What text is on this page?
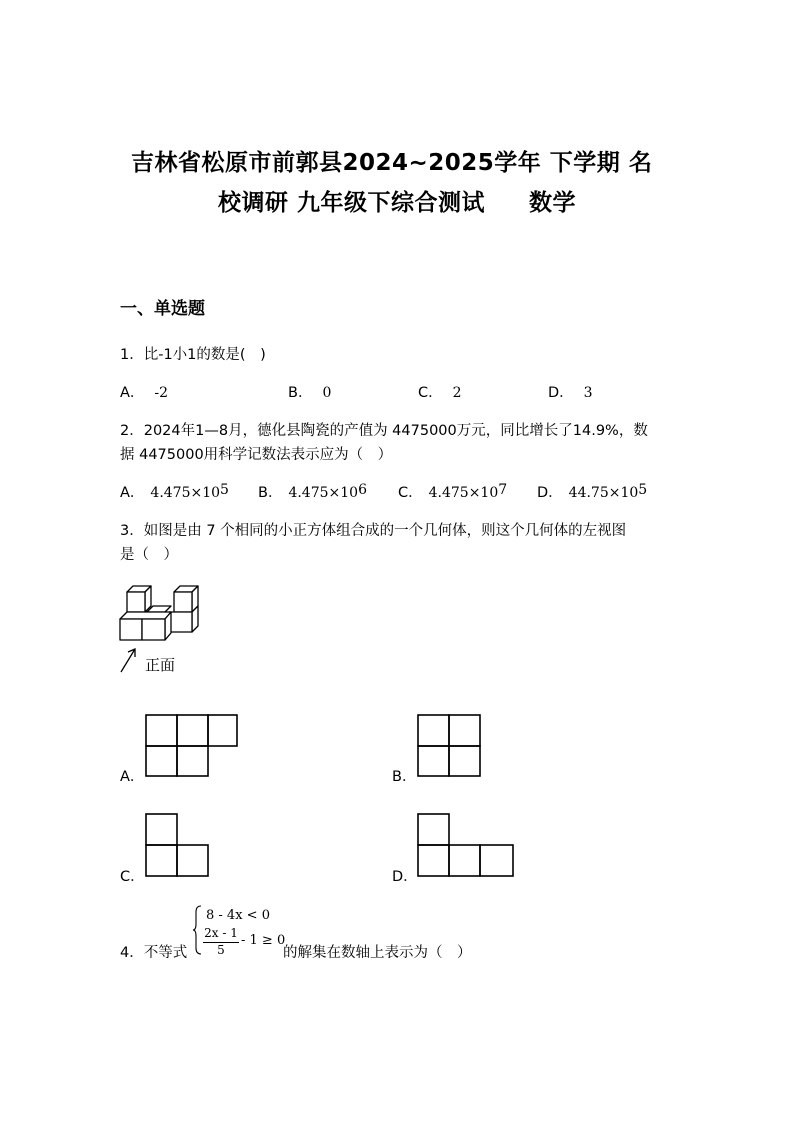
吉林省松原市前郭县2024~2025学年 下学期 名
校调研 九年级下综合测试 数学
一、单选题
1．比-1小1的数是(　)
A． -2	B． 0	C． 2	D． 3
2．2024年1—8月，德化县陶瓷的产值为 4475000万元，同比增长了14.9%，数
据 4475000用科学记数法表示应为（　）
A． $4.475\times 10^5$ B． $4.475\times 10^6$ C． $4.475\times 10^7$ D． $44.75\times 10^5$
3．如图是由 7 个相同的小正方体组合成的一个几何体，则这个几何体的左视图
是（　）
正面
A．	B．
C．	D．
4．不等式
8 - 4x < 0
2x - 1
5
- 1 ≥ 0
的解集在数轴上表示为（　）
